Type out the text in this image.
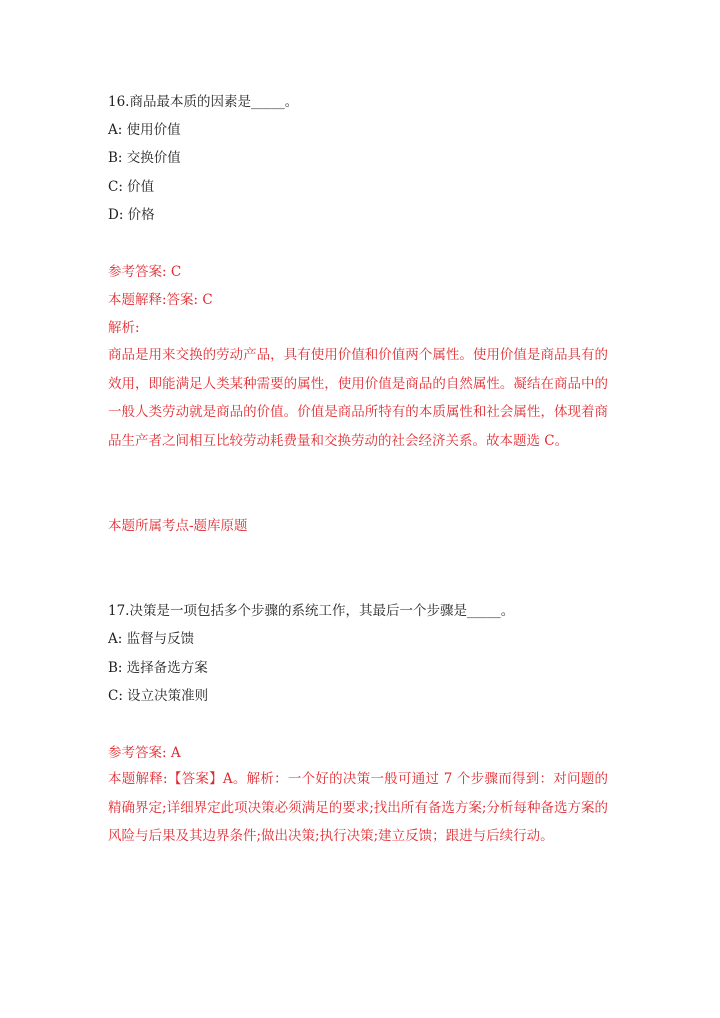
16.商品最本质的因素是_____。
A: 使用价值
B: 交换价值
C: 价值
D: 价格
参考答案: C
本题解释:答案: C
解析:
商品是用来交换的劳动产品，具有使用价值和价值两个属性。使用价值是商品具有的效用，即能满足人类某种需要的属性，使用价值是商品的自然属性。凝结在商品中的一般人类劳动就是商品的价值。价值是商品所特有的本质属性和社会属性，体现着商品生产者之间相互比较劳动耗费量和交换劳动的社会经济关系。故本题选 C。
本题所属考点-题库原题
17.决策是一项包括多个步骤的系统工作，其最后一个步骤是_____。
A: 监督与反馈
B: 选择备选方案
C: 设立决策准则
参考答案: A
本题解释:【答案】A。解析：一个好的决策一般可通过 7 个步骤而得到：对问题的精确界定;详细界定此项决策必须满足的要求;找出所有备选方案;分析每种备选方案的风险与后果及其边界条件;做出决策;执行决策;建立反馈；跟进与后续行动。
